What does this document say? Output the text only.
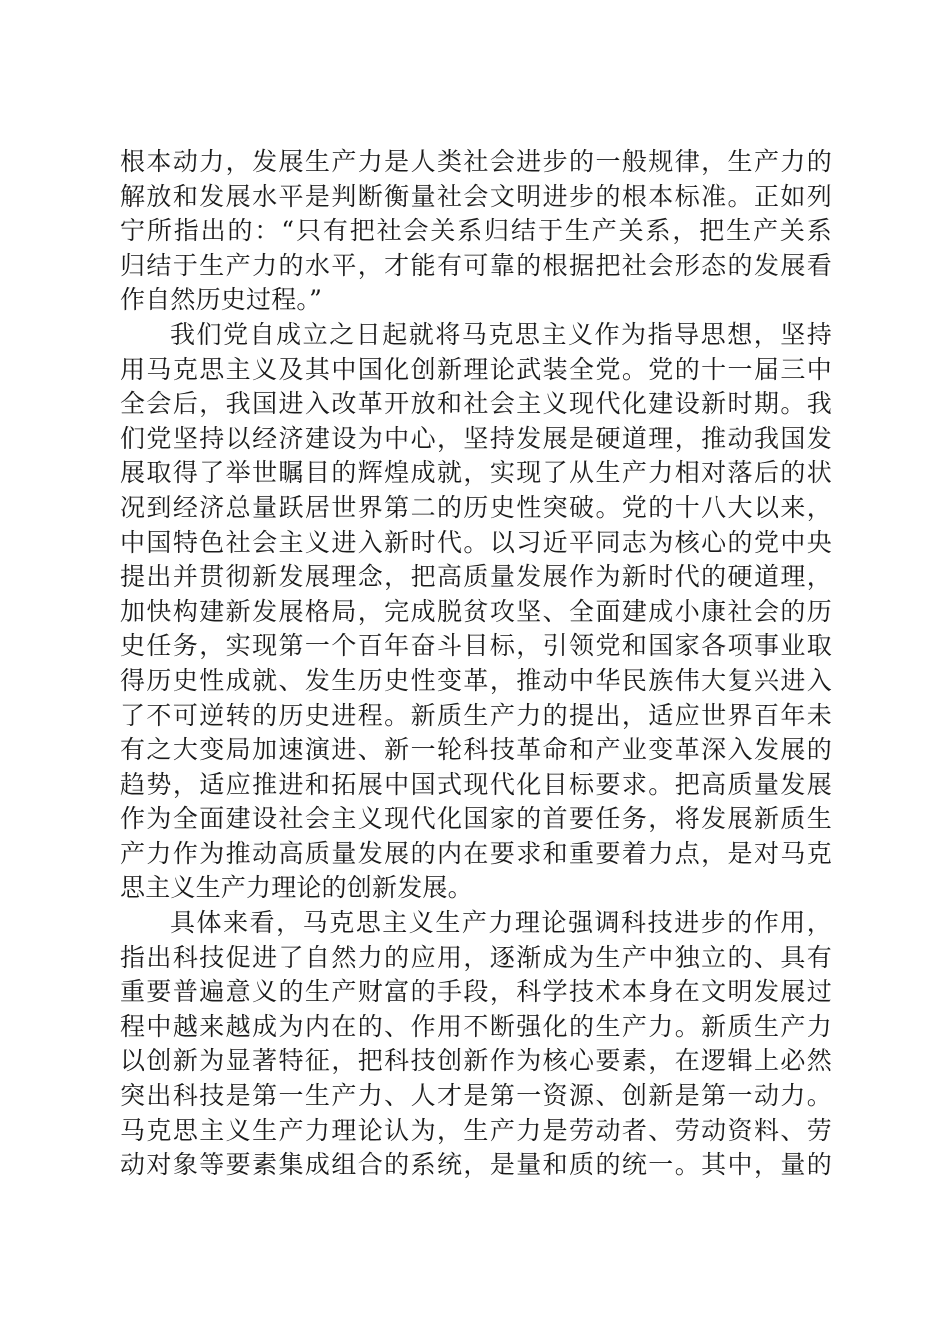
根本动力，发展生产力是人类社会进步的一般规律，生产力的
解放和发展水平是判断衡量社会文明进步的根本标准。正如列
宁所指出的：“只有把社会关系归结于生产关系，把生产关系
归结于生产力的水平，才能有可靠的根据把社会形态的发展看
作自然历史过程。”
我们党自成立之日起就将马克思主义作为指导思想，坚持
用马克思主义及其中国化创新理论武装全党。党的十一届三中
全会后，我国进入改革开放和社会主义现代化建设新时期。我
们党坚持以经济建设为中心，坚持发展是硬道理，推动我国发
展取得了举世瞩目的辉煌成就，实现了从生产力相对落后的状
况到经济总量跃居世界第二的历史性突破。党的十八大以来，
中国特色社会主义进入新时代。以习近平同志为核心的党中央
提出并贯彻新发展理念，把高质量发展作为新时代的硬道理，
加快构建新发展格局，完成脱贫攻坚、全面建成小康社会的历
史任务，实现第一个百年奋斗目标，引领党和国家各项事业取
得历史性成就、发生历史性变革，推动中华民族伟大复兴进入
了不可逆转的历史进程。新质生产力的提出，适应世界百年未
有之大变局加速演进、新一轮科技革命和产业变革深入发展的
趋势，适应推进和拓展中国式现代化目标要求。把高质量发展
作为全面建设社会主义现代化国家的首要任务，将发展新质生
产力作为推动高质量发展的内在要求和重要着力点，是对马克
思主义生产力理论的创新发展。
具体来看，马克思主义生产力理论强调科技进步的作用，
指出科技促进了自然力的应用，逐渐成为生产中独立的、具有
重要普遍意义的生产财富的手段，科学技术本身在文明发展过
程中越来越成为内在的、作用不断强化的生产力。新质生产力
以创新为显著特征，把科技创新作为核心要素，在逻辑上必然
突出科技是第一生产力、人才是第一资源、创新是第一动力。
马克思主义生产力理论认为，生产力是劳动者、劳动资料、劳
动对象等要素集成组合的系统，是量和质的统一。其中，量的
